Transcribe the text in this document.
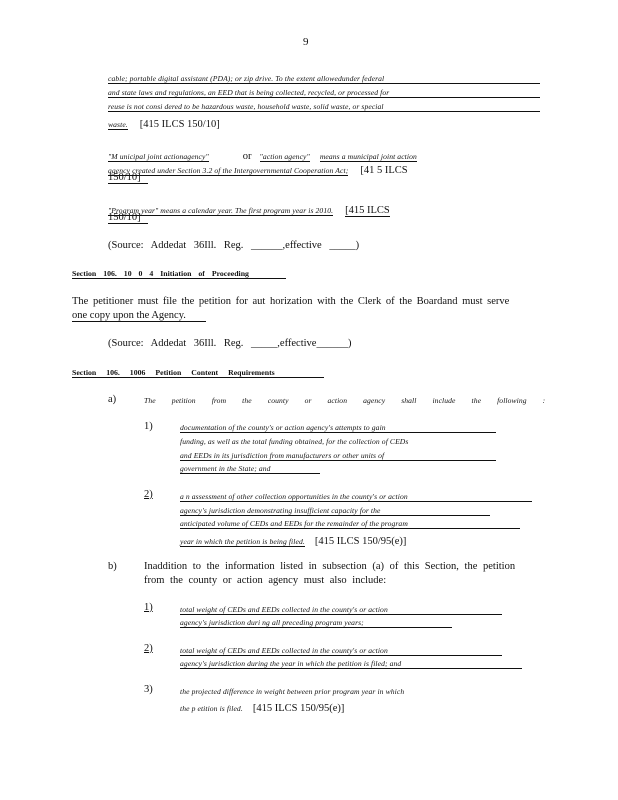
9
cable; portable digital assistant (PDA); or zip drive. To the extent allowedunder federal
and state laws and regulations, an EED that is being collected, recycled, or processed for
reuse is not consi dered to be hazardous waste, household waste, solid waste, or special
waste. [415 ILCS 150/10]
"M unicipal joint actionagency"	or "action agency" means a municipal joint action
agency created under Section 3.2 of the Intergovernmental Cooperation Act; [41 5 ILCS
150/10]
"Program year" means a calendar year. The first program year is 2010. [415 ILCS
150/10]
(Source: Addedat 36Ill. Reg. ______,effective _____)
Section 106. 10 0 4 Initiation of Proceeding
The petitioner must file the petition for aut horization with the Clerk of the Boardand must serve
one copy upon the Agency.
(Source: Addedat 36Ill. Reg. _____,effective______)
Section 106. 1006 Petition Content Requirements
a)	The petition from the county or action agency shall include the following :
1)	documentation of the county's or action agency's attempts to gain
funding, as well as the total funding obtained, for the collection of CEDs
and EEDs in its jurisdiction from manufacturers or other units of
government in the State; and
2)	a n assessment of other collection opportunities in the county's or action
agency's jurisdiction demonstrating insufficient capacity for the
anticipated volume of CEDs and EEDs for the remainder of the program
year in which the petition is being filed. [415 ILCS 150/95(e)]
b)	Inaddition to the information listed in subsection (a) of this Section, the petition
from the county or action agency must also include:
1)	total weight of CEDs and EEDs collected in the county's or action
agency's jurisdiction duri ng all preceding program years;
2)	total weight of CEDs and EEDs collected in the county's or action
agency's jurisdiction during the year in which the petition is filed; and
3)	the projected difference in weight between prior program year in which
the p etition is filed. [415 ILCS 150/95(e)]
